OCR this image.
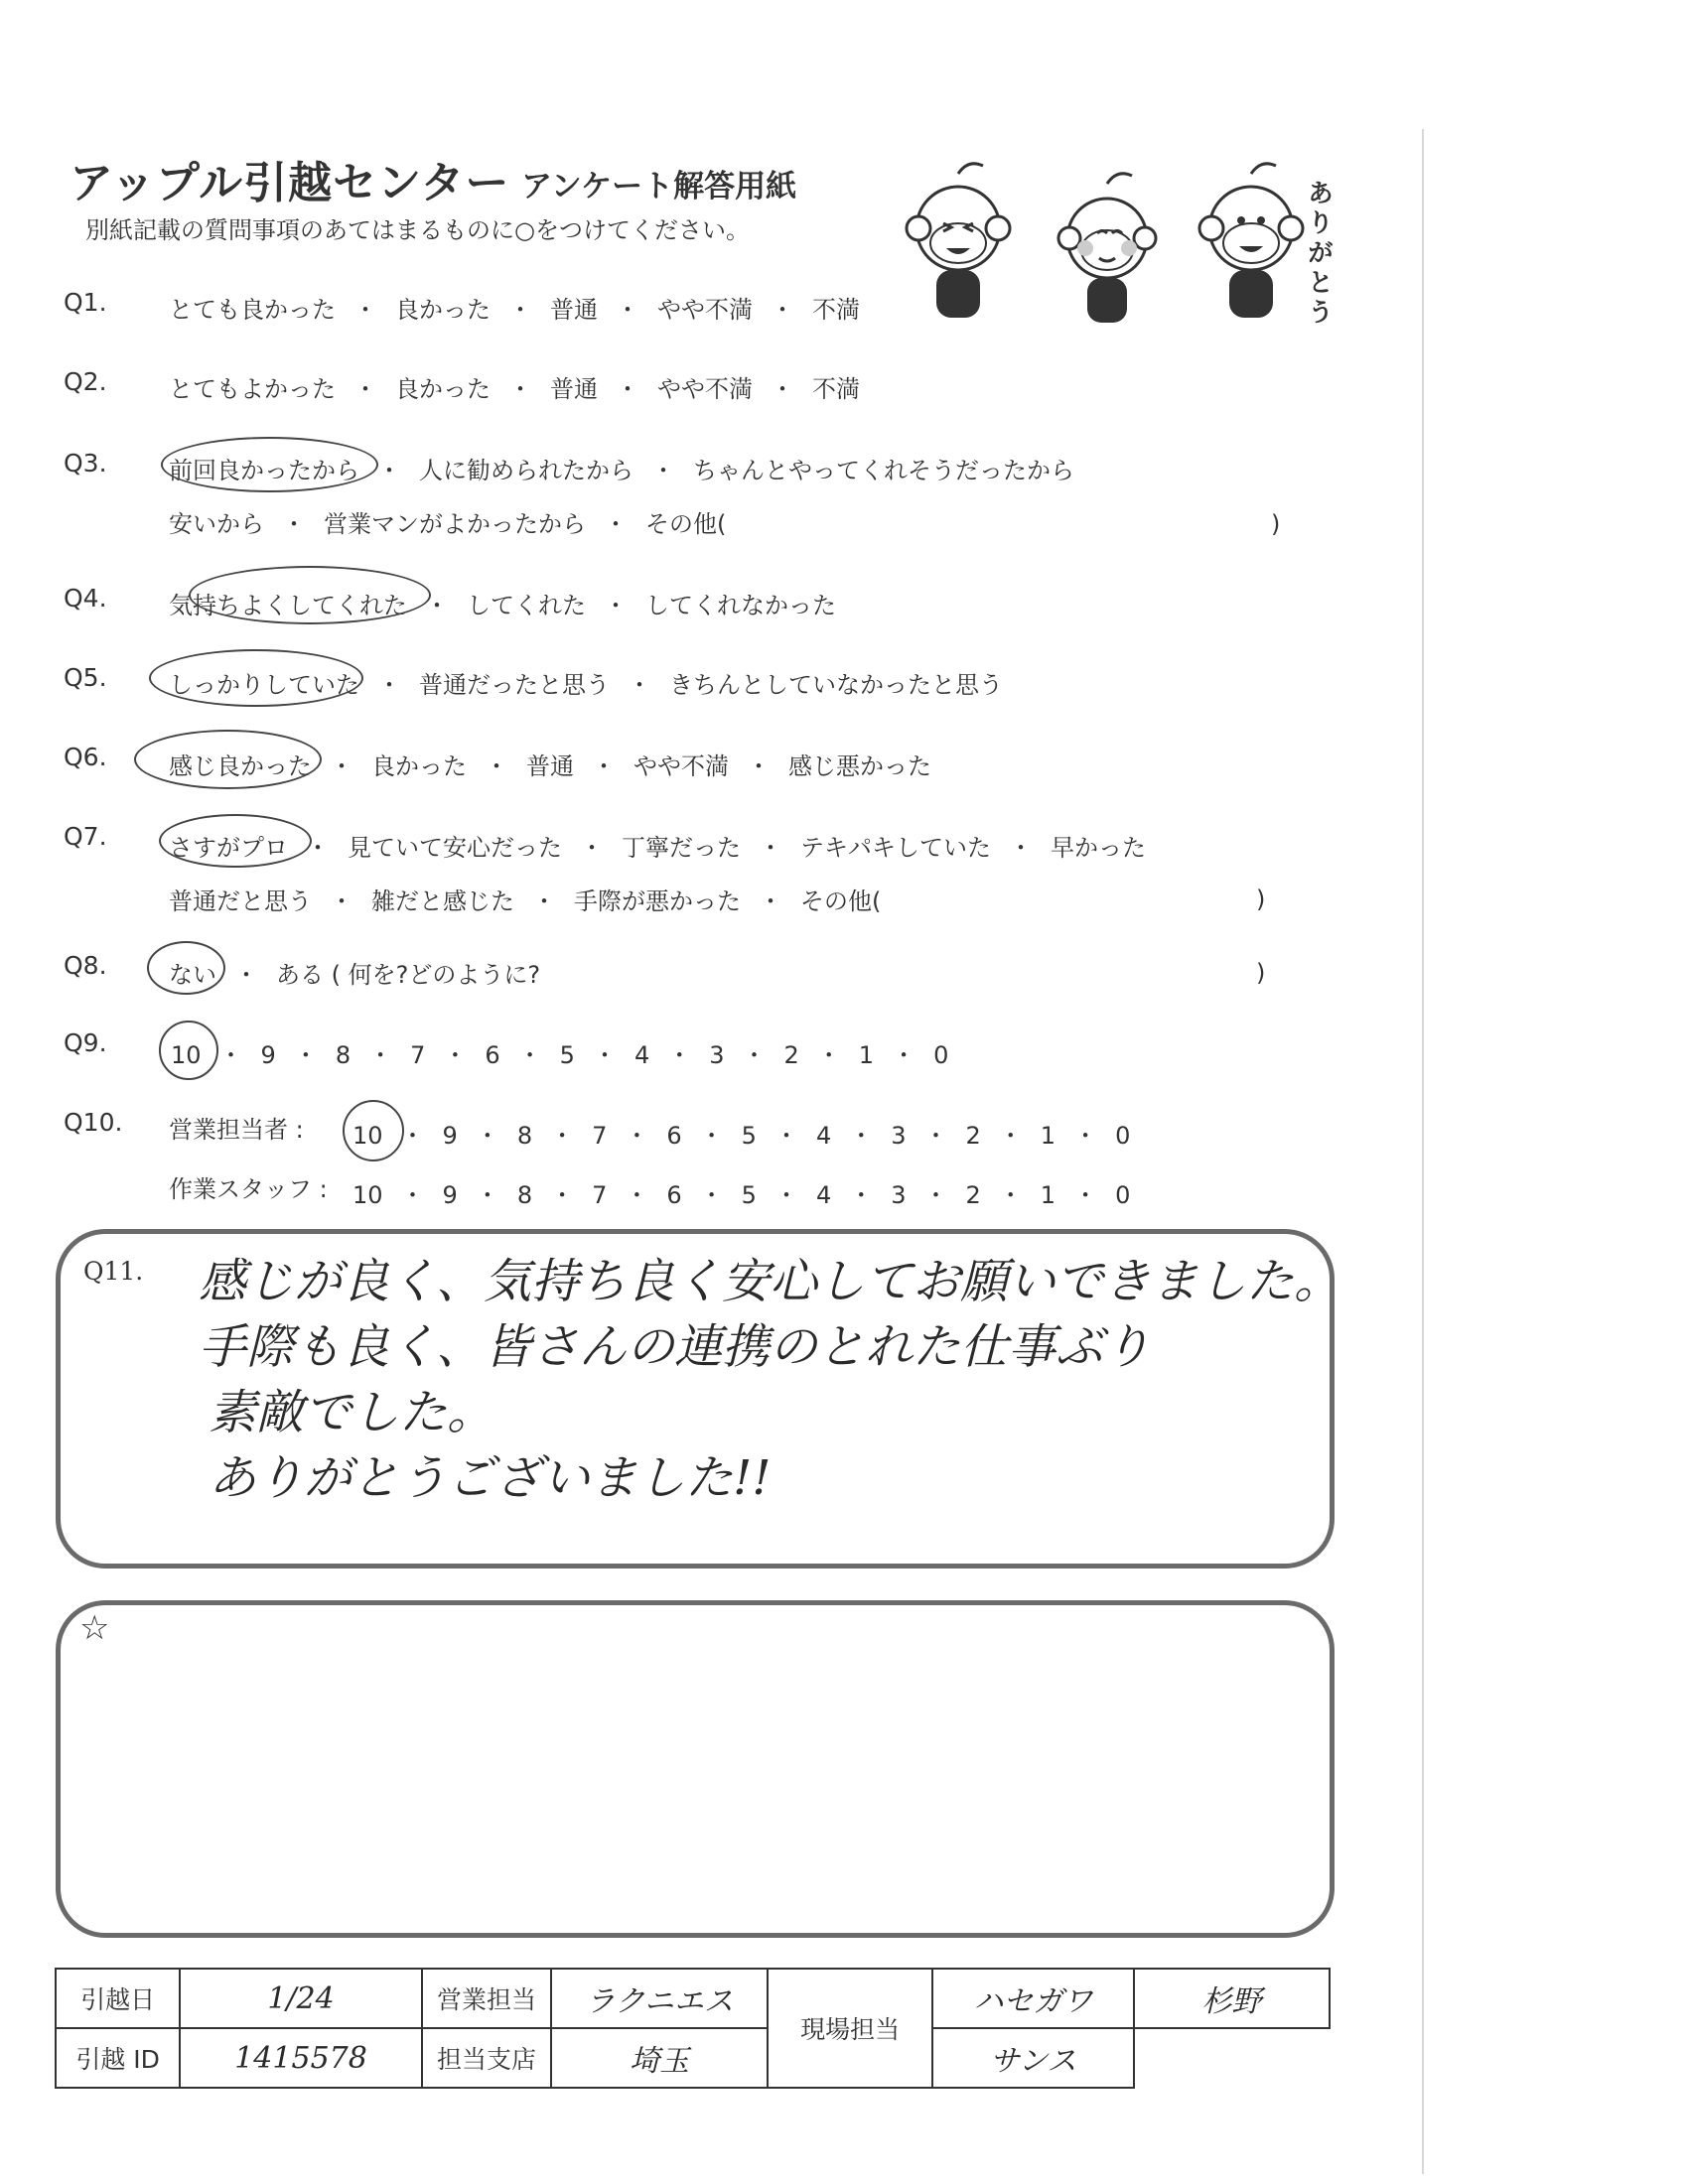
アップル引越センター アンケート解答用紙
別紙記載の質問事項のあてはまるものに○をつけてください。
ありがとう
Q1.	とても良かった ・ 良かった ・ 普通 ・ やや不満 ・ 不満
Q2.	とてもよかった ・ 良かった ・ 普通 ・ やや不満 ・ 不満
Q3.	前回良かったから ・ 人に勧められたから ・ ちゃんとやってくれそうだったから
安いから ・ 営業マンがよかったから ・ その他(	)
Q4.	気持ちよくしてくれた ・ してくれた ・ してくれなかった
Q5.	しっかりしていた ・ 普通だったと思う ・ きちんとしていなかったと思う
Q6.	感じ良かった ・ 良かった ・ 普通 ・ やや不満 ・ 感じ悪かった
Q7.	さすがプロ ・ 見ていて安心だった ・ 丁寧だった ・ テキパキしていた ・ 早かった
普通だと思う ・ 雑だと感じた ・ 手際が悪かった ・ その他(	)
Q8.	ない ・ ある ( 何を?どのように?	)
Q9.	10 ・ 9 ・ 8 ・ 7 ・ 6 ・ 5 ・ 4 ・ 3 ・ 2 ・ 1 ・ 0
Q10. 営業担当者 : 10 ・ 9 ・ 8 ・ 7 ・ 6 ・ 5 ・ 4 ・ 3 ・ 2 ・ 1 ・ 0
作業スタッフ : 10 ・ 9 ・ 8 ・ 7 ・ 6 ・ 5 ・ 4 ・ 3 ・ 2 ・ 1 ・ 0
Q11. 感じが良く、気持ち良く安心してお願いできました。
手際も良く、皆さんの連携のとれた仕事ぶり
素敵でした。
ありがとうございました!!
☆
引越日	1/24	営業担当	ラクニエス	現場担当	ハセガワ	杉野
引越 ID	1415578	担当支店	埼玉		サンス	
